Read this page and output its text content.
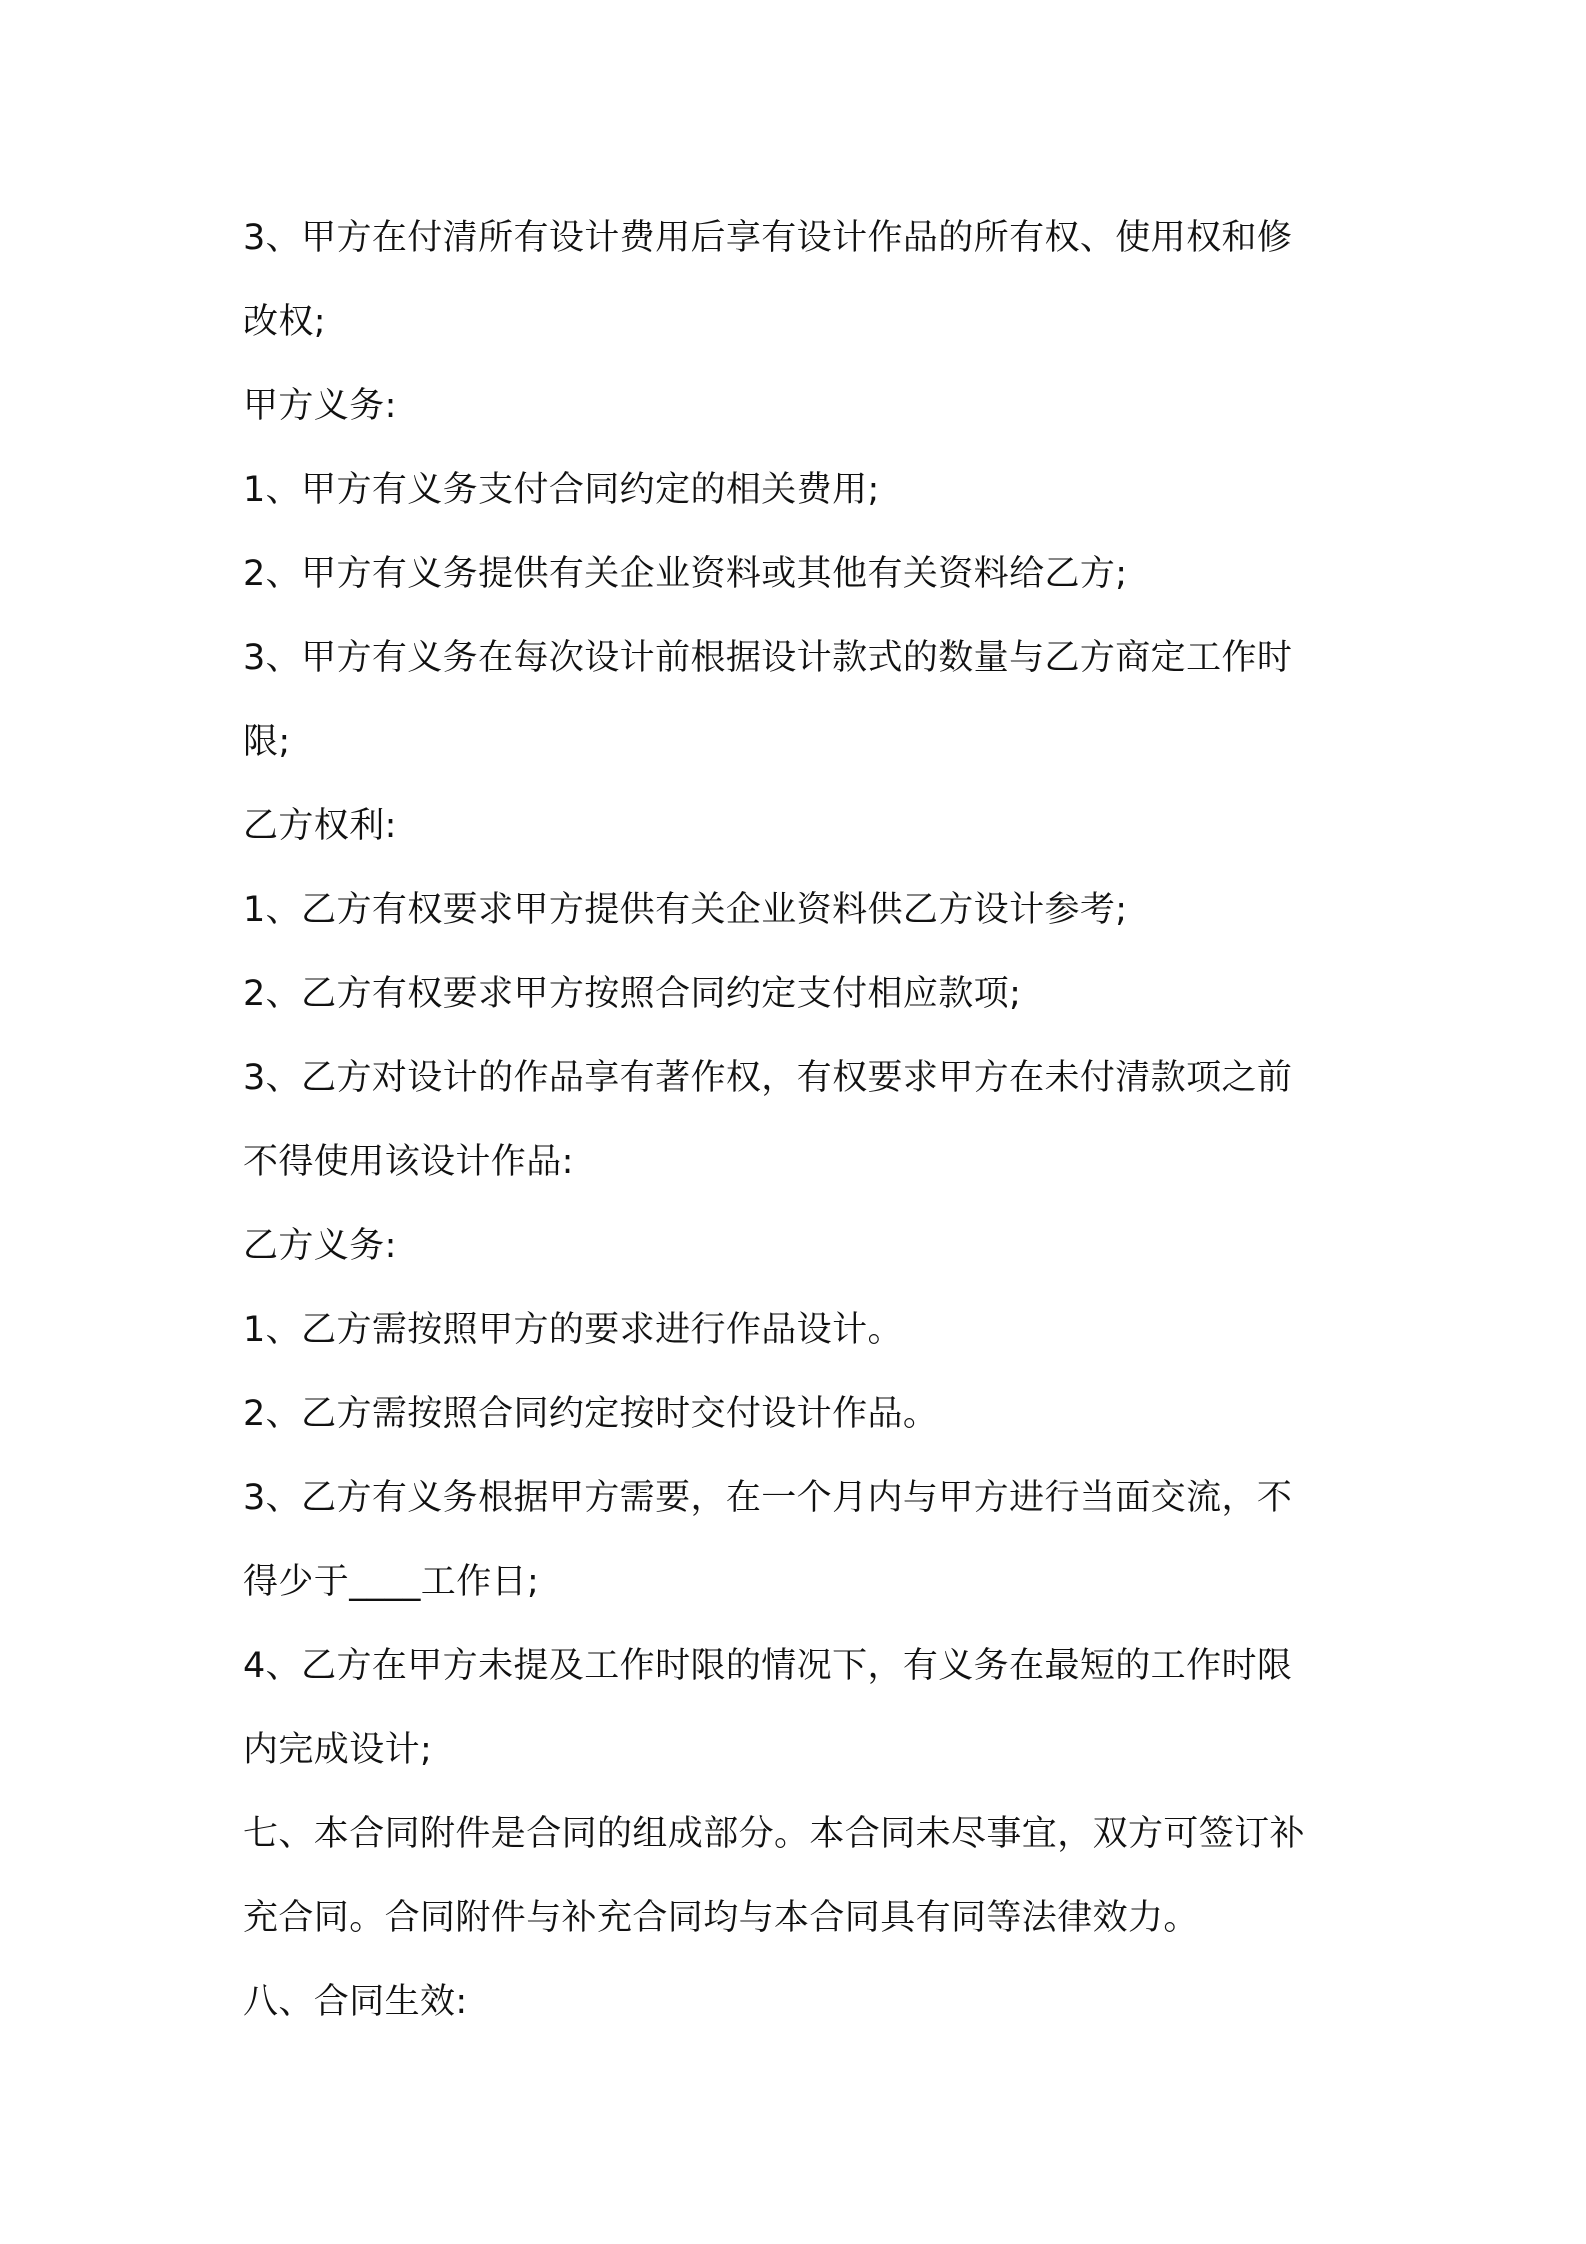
3、甲方在付清所有设计费用后享有设计作品的所有权、使用权和修
改权;
甲方义务:
1、甲方有义务支付合同约定的相关费用;
2、甲方有义务提供有关企业资料或其他有关资料给乙方;
3、甲方有义务在每次设计前根据设计款式的数量与乙方商定工作时
限;
乙方权利:
1、乙方有权要求甲方提供有关企业资料供乙方设计参考;
2、乙方有权要求甲方按照合同约定支付相应款项;
3、乙方对设计的作品享有著作权，有权要求甲方在未付清款项之前
不得使用该设计作品:
乙方义务:
1、乙方需按照甲方的要求进行作品设计。
2、乙方需按照合同约定按时交付设计作品。
3、乙方有义务根据甲方需要，在一个月内与甲方进行当面交流，不
得少于____工作日;
4、乙方在甲方未提及工作时限的情况下，有义务在最短的工作时限
内完成设计;
七、本合同附件是合同的组成部分。本合同未尽事宜，双方可签订补
充合同。合同附件与补充合同均与本合同具有同等法律效力。
八、合同生效:
